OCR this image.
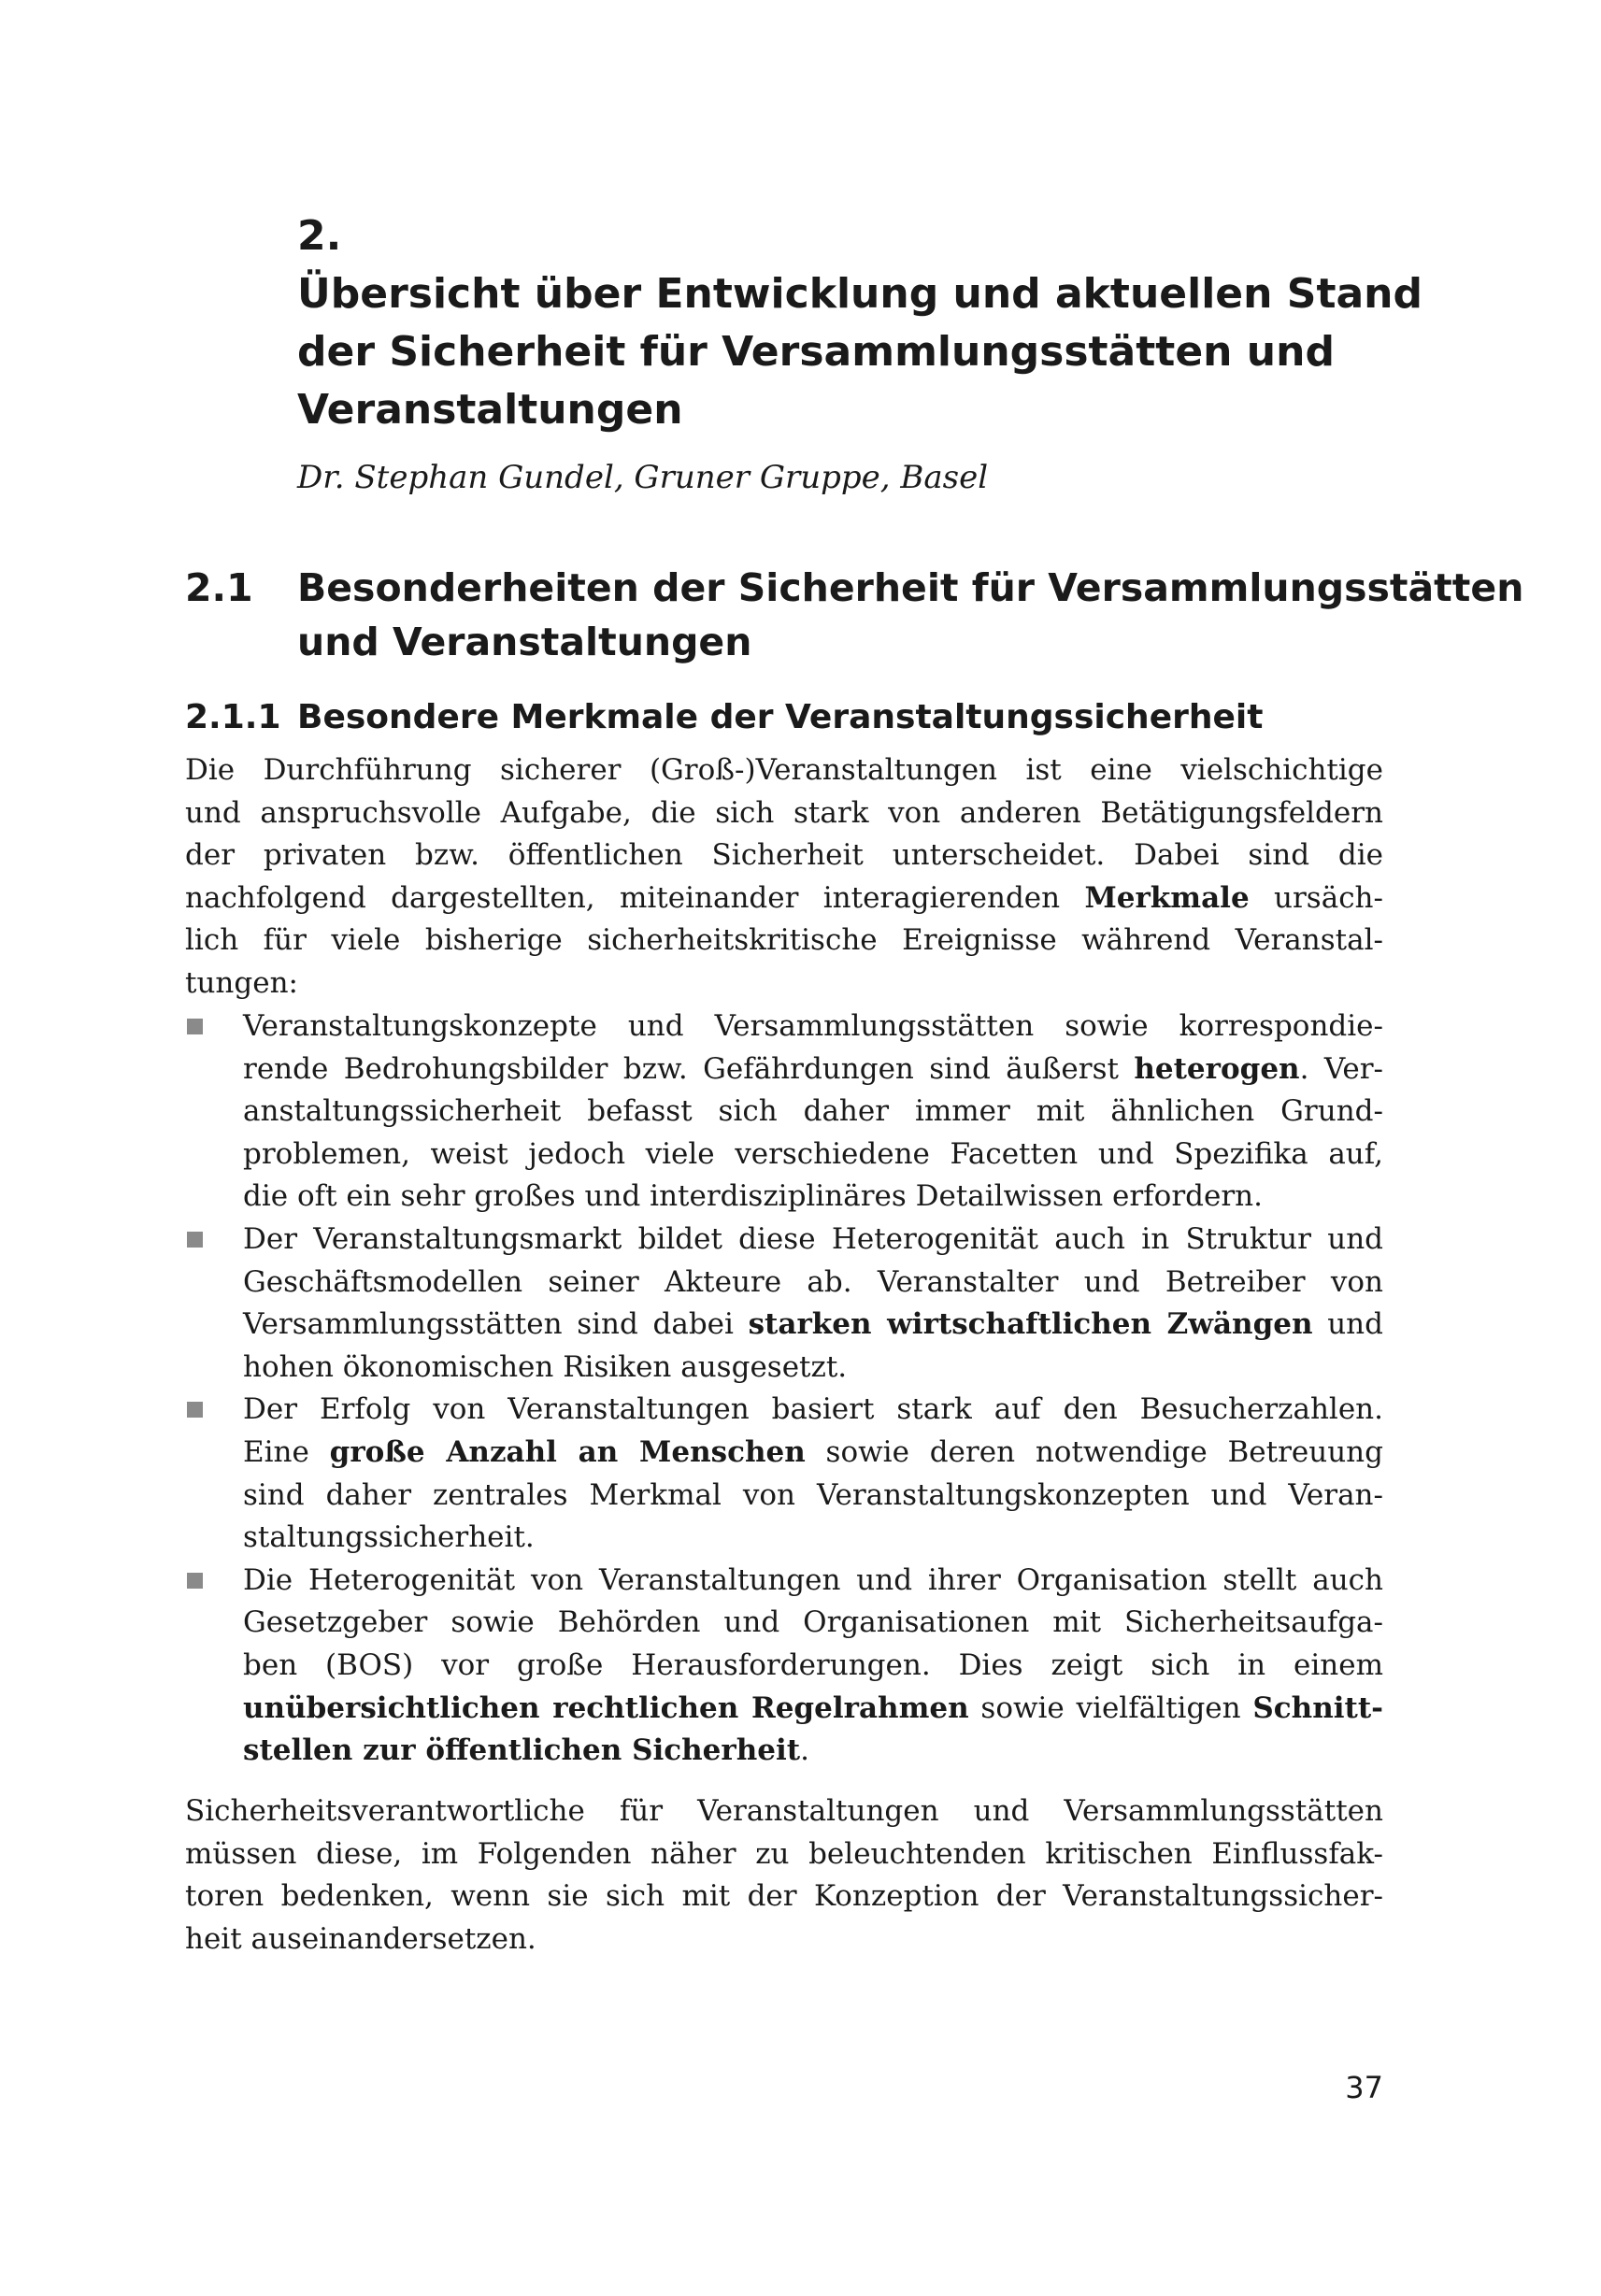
2.
Übersicht über Entwicklung und aktuellen Stand
der Sicherheit für Versammlungsstätten und
Veranstaltungen
Dr. Stephan Gundel, Gruner Gruppe, Basel
2.1 Besonderheiten der Sicherheit für Versammlungsstätten
und Veranstaltungen
2.1.1 Besondere Merkmale der Veranstaltungssicherheit
Die Durchführung sicherer (Groß-)Veranstaltungen ist eine vielschichtige
und anspruchsvolle Aufgabe, die sich stark von anderen Betätigungsfeldern
der privaten bzw. öffentlichen Sicherheit unterscheidet. Dabei sind die
nachfolgend dargestellten, miteinander interagierenden Merkmale ursäch-
lich für viele bisherige sicherheitskritische Ereignisse während Veranstal-
tungen:
Veranstaltungskonzepte und Versammlungsstätten sowie korrespondie-
rende Bedrohungsbilder bzw. Gefährdungen sind äußerst heterogen. Ver-
anstaltungssicherheit befasst sich daher immer mit ähnlichen Grund-
problemen, weist jedoch viele verschiedene Facetten und Spezifika auf,
die oft ein sehr großes und interdisziplinäres Detailwissen erfordern.
Der Veranstaltungsmarkt bildet diese Heterogenität auch in Struktur und
Geschäftsmodellen seiner Akteure ab. Veranstalter und Betreiber von
Versammlungsstätten sind dabei starken wirtschaftlichen Zwängen und
hohen ökonomischen Risiken ausgesetzt.
Der Erfolg von Veranstaltungen basiert stark auf den Besucherzahlen.
Eine große Anzahl an Menschen sowie deren notwendige Betreuung
sind daher zentrales Merkmal von Veranstaltungskonzepten und Veran-
staltungssicherheit.
Die Heterogenität von Veranstaltungen und ihrer Organisation stellt auch
Gesetzgeber sowie Behörden und Organisationen mit Sicherheitsaufga-
ben (BOS) vor große Herausforderungen. Dies zeigt sich in einem
unübersichtlichen rechtlichen Regelrahmen sowie vielfältigen Schnitt-
stellen zur öffentlichen Sicherheit.
Sicherheitsverantwortliche für Veranstaltungen und Versammlungsstätten
müssen diese, im Folgenden näher zu beleuchtenden kritischen Einflussfak-
toren bedenken, wenn sie sich mit der Konzeption der Veranstaltungssicher-
heit auseinandersetzen.
37
